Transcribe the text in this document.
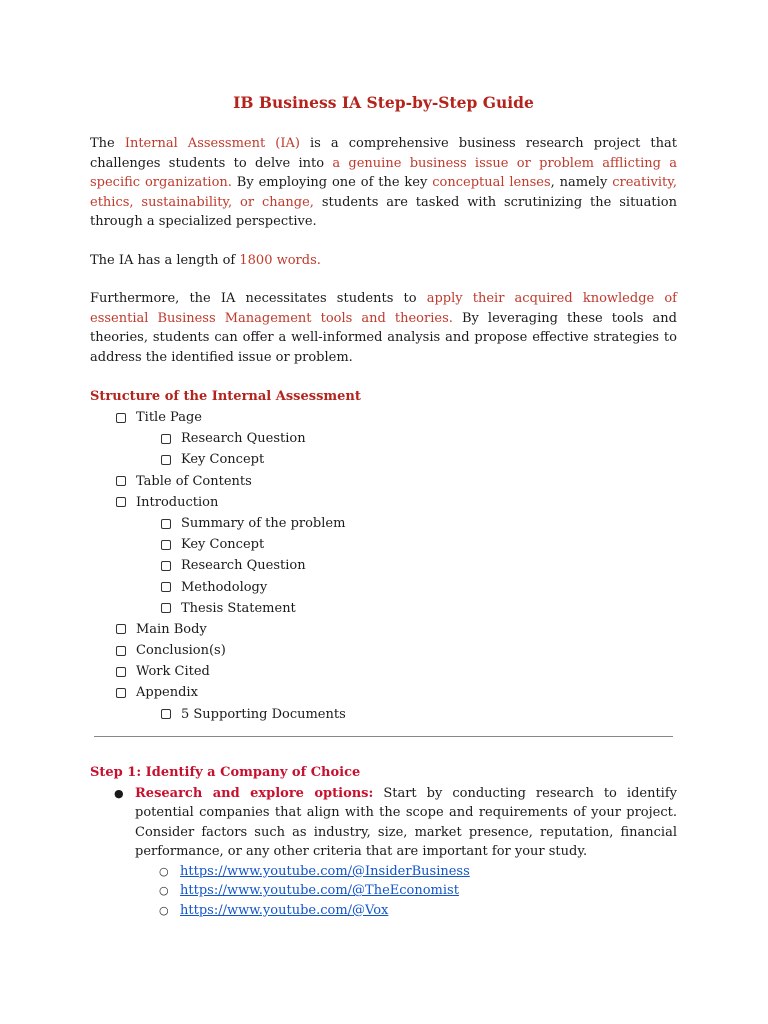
IB Business IA Step-by-Step Guide

The Internal Assessment (IA) is a comprehensive business research project that challenges students to delve into a genuine business issue or problem afflicting a specific organization. By employing one of the key conceptual lenses, namely creativity, ethics, sustainability, or change, students are tasked with scrutinizing the situation through a specialized perspective.

The IA has a length of 1800 words.

Furthermore, the IA necessitates students to apply their acquired knowledge of essential Business Management tools and theories. By leveraging these tools and theories, students can offer a well-informed analysis and propose effective strategies to address the identified issue or problem.

Structure of the Internal Assessment
Title Page
Research Question
Key Concept
Table of Contents
Introduction
Summary of the problem
Key Concept
Research Question
Methodology
Thesis Statement
Main Body
Conclusion(s)
Work Cited
Appendix
5 Supporting Documents
Step 1: Identify a Company of Choice
● Research and explore options: Start by conducting research to identify potential companies that align with the scope and requirements of your project. Consider factors such as industry, size, market presence, reputation, financial performance, or any other criteria that are important for your study.
○ https://www.youtube.com/@InsiderBusiness
○ https://www.youtube.com/@TheEconomist
○ https://www.youtube.com/@Vox
